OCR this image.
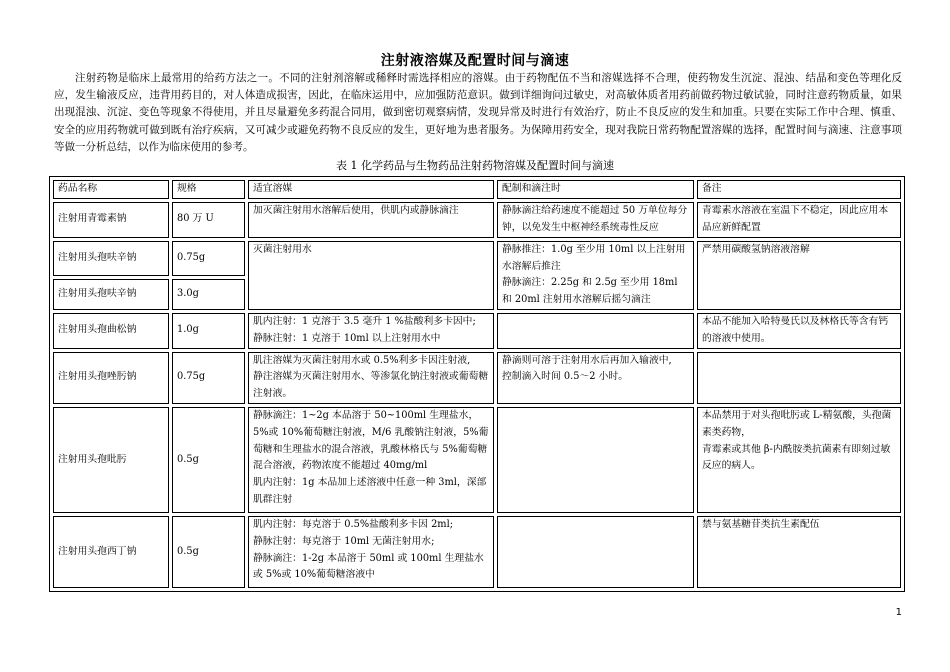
注射液溶媒及配置时间与滴速

注射药物是临床上最常用的给药方法之一。不同的注射剂溶解或稀释时需选择相应的溶媒。由于药物配伍不当和溶媒选择不合理，使药物发生沉淀、混浊、结晶和变色等理化反应，发生输液反应，违背用药目的，对人体造成损害，因此，在临床运用中，应加强防范意识。做到详细询问过敏史，对高敏体质者用药前做药物过敏试验，同时注意药物质量，如果出现混浊、沉淀、变色等现象不得使用，并且尽量避免多药混合同用，做到密切观察病情，发现异常及时进行有效治疗，防止不良反应的发生和加重。只要在实际工作中合理、慎重、安全的应用药物就可做到既有治疗疾病，又可减少或避免药物不良反应的发生，更好地为患者服务。为保障用药安全，现对我院日常药物配置溶媒的选择，配置时间与滴速、注意事项等做一分析总结，以作为临床使用的参考。

表 1 化学药品与生物药品注射药物溶媒及配置时间与滴速
药品名称	规格	适宜溶媒	配制和滴注时	备注
注射用青霉素钠	80 万 U	加灭菌注射用水溶解后使用，供肌内或静脉滴注	静脉滴注给药速度不能超过 50 万单位每分钟，以免发生中枢神经系统毒性反应	青霉素水溶液在室温下不稳定，因此应用本品应新鲜配置

注射用头孢呋辛钠	0.75g	灭菌注射用水	静脉推注：1.0g 至少用 10ml 以上注射用水溶解后推注
静脉滴注：2.25g 和 2.5g 至少用 18ml 和 20ml 注射用水溶解后摇匀滴注	严禁用碳酸氢钠溶液溶解

注射用头孢呋辛钠	3.0g			
注射用头孢曲松钠	1.0g	肌内注射：1 克溶于 3.5 毫升 1 %盐酸利多卡因中;
静脉注射：1 克溶于 10ml 以上注射用水中		本品不能加入哈特曼氏以及林格氏等含有钙的溶液中使用。

注射用头孢唑肟钠	0.75g	肌注溶媒为灭菌注射用水或 0.5%利多卡因注射液,
静注溶媒为灭菌注射用水、等渗氯化钠注射液或葡萄糖注射液。	静滴则可溶于注射用水后再加入输液中,
控制滴入时间 0.5～2 小时。	

注射用头孢吡肟	0.5g	静脉滴注：1~2g 本品溶于 50~100ml 生理盐水，5%或 10%葡萄糖注射液，M/6 乳酸钠注射液，5%葡萄糖和生理盐水的混合溶液，乳酸林格氏与 5%葡萄糖混合溶液，药物浓度不能超过 40mg/ml
肌内注射：1g 本品加上述溶液中任意一种 3ml，深部肌群注射		本品禁用于对头孢吡肟或 L-精氨酸，头孢菌素类药物，
青霉素或其他 β-内酰胺类抗菌素有即刻过敏反应的病人。

注射用头孢西丁钠	0.5g	肌内注射：每克溶于 0.5%盐酸利多卡因 2ml;
静脉注射：每克溶于 10ml 无菌注射用水;
静脉滴注：1-2g 本品溶于 50ml 或 100ml 生理盐水或 5%或 10%葡萄糖溶液中		禁与氨基糖苷类抗生素配伍
1
